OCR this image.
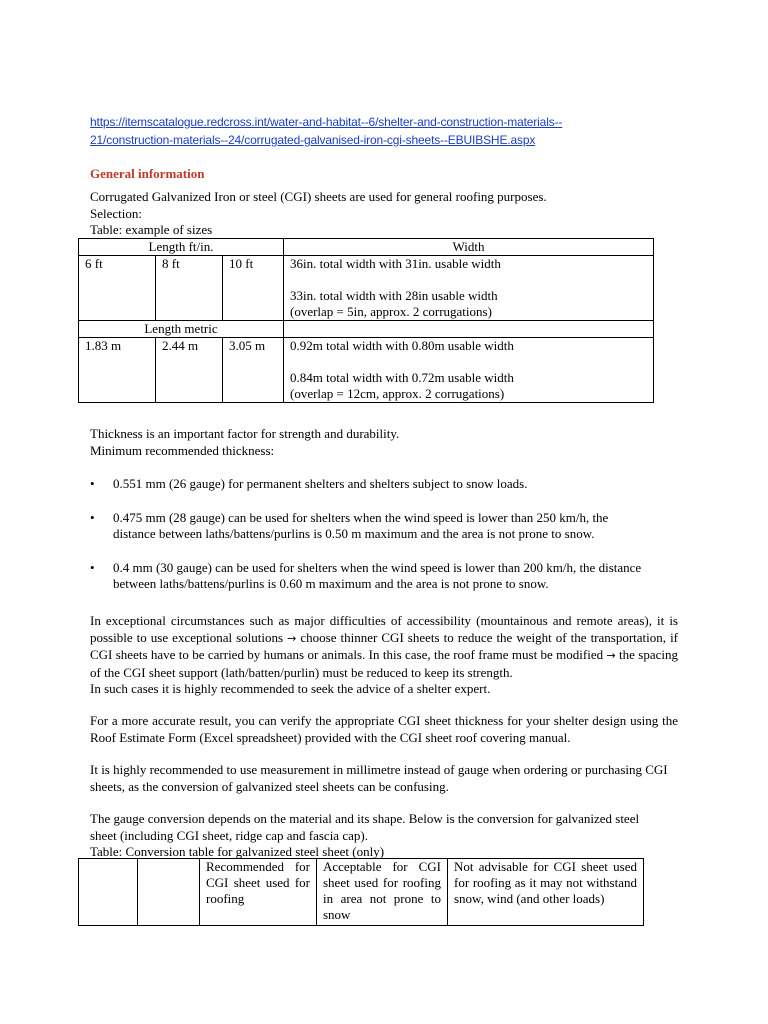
https://itemscatalogue.redcross.int/water-and-habitat--6/shelter-and-construction-materials--
21/construction-materials--24/corrugated-galvanised-iron-cgi-sheets--EBUIBSHE.aspx
General information

Corrugated Galvanized Iron or steel (CGI) sheets are used for general roofing purposes.

Selection:

Table: example of sizes

Length ft/in.			Width
6 ft	8 ft	10 ft	36in. total width with 31in. usable width
33in. total width with 28in usable width
(overlap = 5in, approx. 2 corrugations)

Length metric			
1.83 m	2.44 m	3.05 m	0.92m total width with 0.80m usable width
0.84m total width with 0.72m usable width
(overlap = 12cm, approx. 2 corrugations)

Thickness is an important factor for strength and durability.

Minimum recommended thickness:

• 0.551 mm (26 gauge) for permanent shelters and shelters subject to snow loads.
• 0.475 mm (28 gauge) can be used for shelters when the wind speed is lower than 250 km/h, the
distance between laths/battens/purlins is 0.50 m maximum and the area is not prone to snow.
• 0.4 mm (30 gauge) can be used for shelters when the wind speed is lower than 200 km/h, the distance
between laths/battens/purlins is 0.60 m maximum and the area is not prone to snow.
In exceptional circumstances such as major difficulties of accessibility (mountainous and remote areas), it is possible to use exceptional solutions → choose thinner CGI sheets to reduce the weight of the transportation, if CGI sheets have to be carried by humans or animals. In this case, the roof frame must be modified → the spacing of the CGI sheet support (lath/batten/purlin) must be reduced to keep its strength.
In such cases it is highly recommended to seek the advice of a shelter expert.
For a more accurate result, you can verify the appropriate CGI sheet thickness for your shelter design using the Roof Estimate Form (Excel spreadsheet) provided with the CGI sheet roof covering manual.
It is highly recommended to use measurement in millimetre instead of gauge when ordering or purchasing CGI sheets, as the conversion of galvanized steel sheets can be confusing.

The gauge conversion depends on the material and its shape. Below is the conversion for galvanized steel

sheet (including CGI sheet, ridge cap and fascia cap).

Table: Conversion table for galvanized steel sheet (only)

		Recommended for CGI sheet used for roofing	Acceptable for CGI sheet used for roofing in area not prone to snow	Not advisable for CGI sheet used for roofing as it may not withstand snow, wind (and other loads)
